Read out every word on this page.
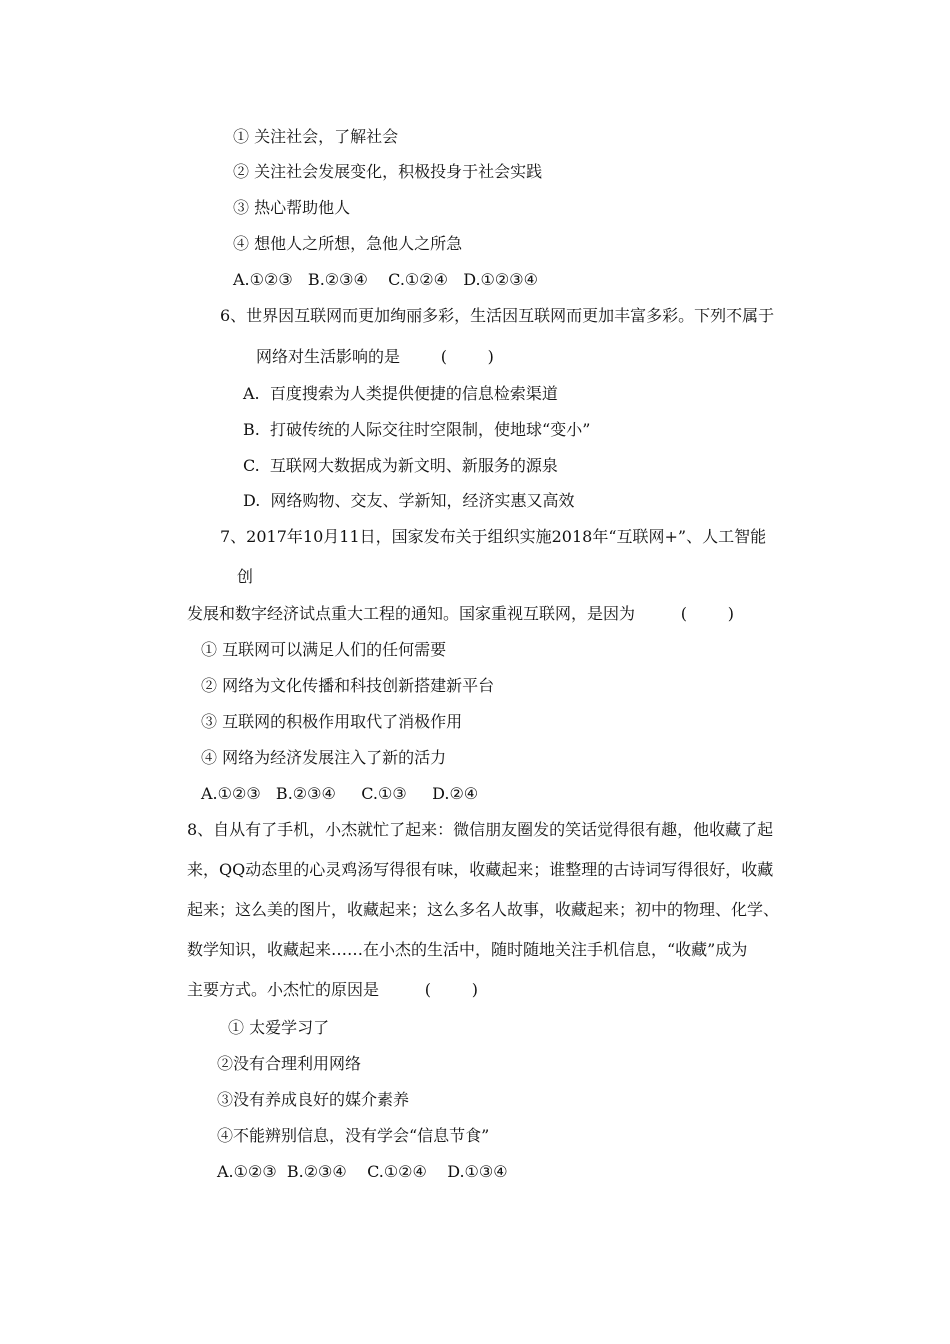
① 关注社会，了解社会
② 关注社会发展变化，积极投身于社会实践
③ 热心帮助他人
④ 想他人之所想，急他人之所急
A.①②③   B.②③④    C.①②④   D.①②③④
6、世界因互联网而更加绚丽多彩，生活因互联网而更加丰富多彩。下列不属于
网络对生活影响的是        (        )
A.  百度搜索为人类提供便捷的信息检索渠道
B.  打破传统的人际交往时空限制，使地球“变小”
C.  互联网大数据成为新文明、新服务的源泉
D.  网络购物、交友、学新知，经济实惠又高效
7、2017年10月11日，国家发布关于组织实施2018年“互联网+”、人工智能
创
发展和数字经济试点重大工程的通知。国家重视互联网，是因为         (        )
① 互联网可以满足人们的任何需要
② 网络为文化传播和科技创新搭建新平台
③ 互联网的积极作用取代了消极作用
④ 网络为经济发展注入了新的活力
A.①②③   B.②③④     C.①③     D.②④
8、自从有了手机，小杰就忙了起来：微信朋友圈发的笑话觉得很有趣，他收藏了起
来，QQ动态里的心灵鸡汤写得很有味，收藏起来；谁整理的古诗词写得很好，收藏
起来；这么美的图片，收藏起来；这么多名人故事，收藏起来；初中的物理、化学、
数学知识，收藏起来……在小杰的生活中，随时随地关注手机信息，“收藏”成为
主要方式。小杰忙的原因是         (        )
① 太爱学习了
②没有合理利用网络
③没有养成良好的媒介素养
④不能辨别信息，没有学会“信息节食”
A.①②③  B.②③④    C.①②④    D.①③④
